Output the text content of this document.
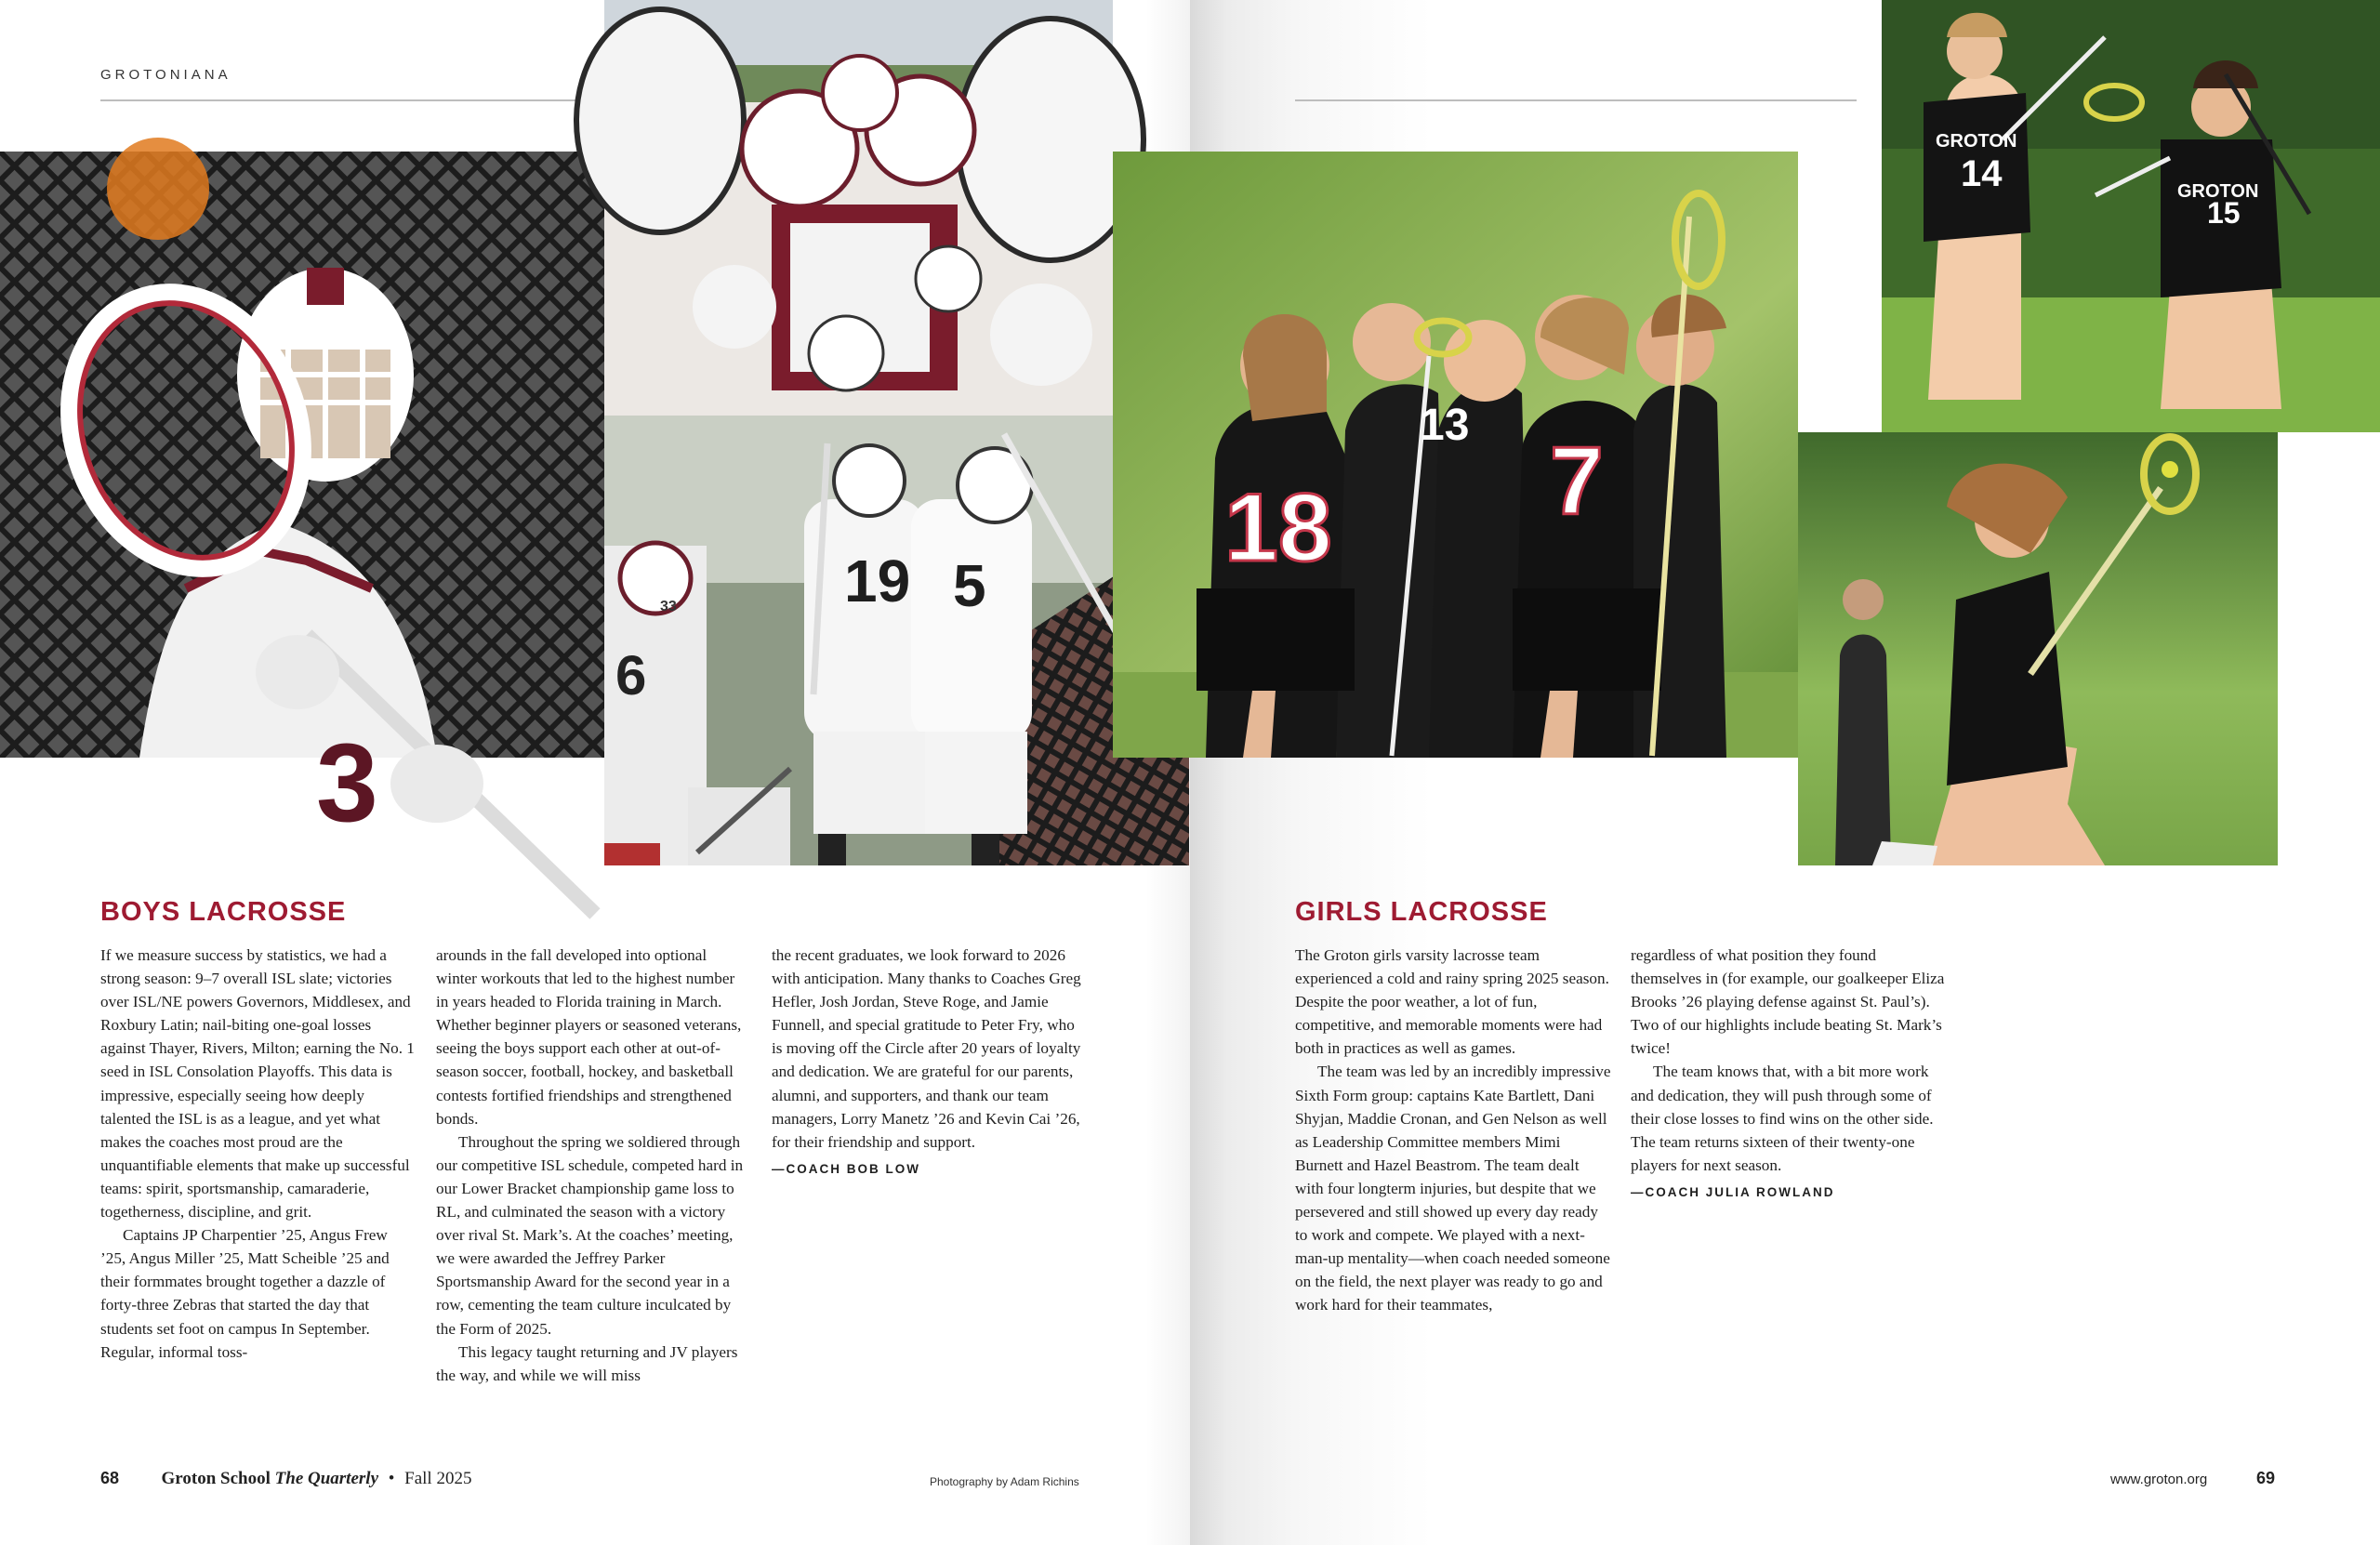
GROTONIANA
3
6
33	19 5
18
13
7
GROTON
14	GROTON
15
BOYS LACROSSE

If we measure success by statistics, we had a strong season: 9–7 overall ISL slate; victories over ISL/NE powers Governors, Middlesex, and Roxbury Latin; nail-biting one-goal losses against Thayer, Rivers, Milton; earning the No. 1 seed in ISL Consolation Playoffs. This data is impressive, especially seeing how deeply talented the ISL is as a league, and yet what makes the coaches most proud are the unquantifiable elements that make up successful teams: spirit, sportsmanship, camaraderie, togetherness, discipline, and grit.

Captains JP Charpentier ’25, Angus Frew ’25, Angus Miller ’25, Matt Scheible ’25 and their formmates brought together a dazzle of forty-three Zebras that started the day that students set foot on campus In September. Regular, informal toss-

arounds in the fall developed into optional winter workouts that led to the highest number in years headed to Florida training in March. Whether beginner players or seasoned veterans, seeing the boys support each other at out-of-season soccer, football, hockey, and basketball contests fortified friendships and strengthened bonds.

Throughout the spring we soldiered through our competitive ISL schedule, competed hard in our Lower Bracket championship game loss to RL, and culminated the season with a victory over rival St. Mark’s. At the coaches’ meeting, we were awarded the Jeffrey Parker Sportsmanship Award for the second year in a row, cementing the team culture inculcated by the Form of 2025.

This legacy taught returning and JV players the way, and while we will miss

the recent graduates, we look forward to 2026 with anticipation. Many thanks to Coaches Greg Hefler, Josh Jordan, Steve Roge, and Jamie Funnell, and special gratitude to Peter Fry, who is moving off the Circle after 20 years of loyalty and dedication. We are grateful for our parents, alumni, and supporters, and thank our team managers, Lorry Manetz ’26 and Kevin Cai ’26, for their friendship and support.

—COACH BOB LOW
GIRLS LACROSSE

The Groton girls varsity lacrosse team experienced a cold and rainy spring 2025 season. Despite the poor weather, a lot of fun, competitive, and memorable moments were had both in practices as well as games.

The team was led by an incredibly impressive Sixth Form group: captains Kate Bartlett, Dani Shyjan, Maddie Cronan, and Gen Nelson as well as Leadership Committee members Mimi Burnett and Hazel Beastrom. The team dealt with four longterm injuries, but despite that we persevered and still showed up every day ready to work and compete. We played with a next-man-up mentality—when coach needed someone on the field, the next player was ready to go and work hard for their teammates,

regardless of what position they found themselves in (for example, our goalkeeper Eliza Brooks ’26 playing defense against St. Paul’s). Two of our highlights include beating St. Mark’s twice!

The team knows that, with a bit more work and dedication, they will push through some of their close losses to find wins on the other side. The team returns sixteen of their twenty-one players for next season.

—COACH JULIA ROWLAND
68 Groton School The Quarterly • Fall 2025	Photography by Adam Richins	www.groton.org	69
